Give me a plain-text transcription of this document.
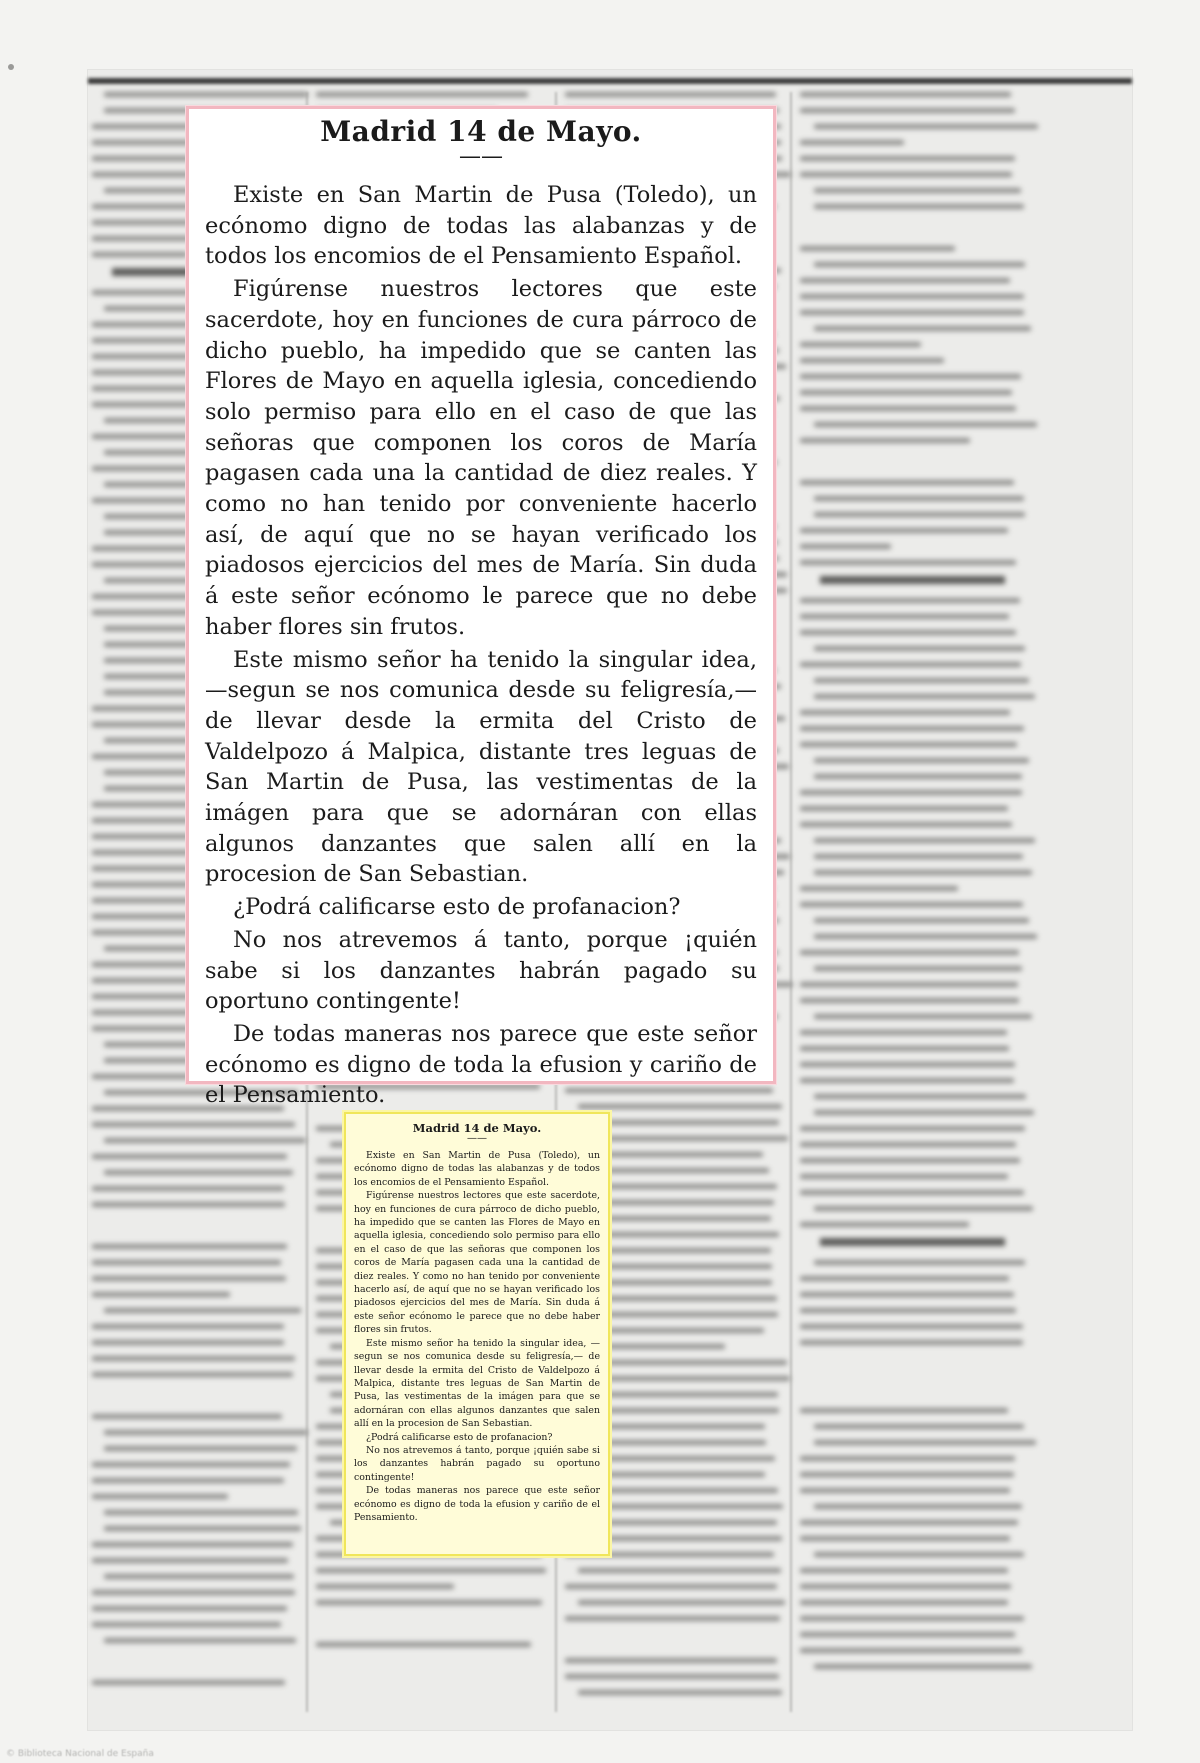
Madrid 14 de Mayo.
——

Existe en San Martin de Pusa (Toledo), un ecónomo digno de todas las alabanzas y de todos los encomios de el Pensamiento Español.

Figúrense nuestros lectores que este sacerdote, hoy en funciones de cura párroco de dicho pueblo, ha impedido que se canten las Flores de Mayo en aquella iglesia, concediendo solo permiso para ello en el caso de que las señoras que componen los coros de María pagasen cada una la cantidad de diez reales. Y como no han tenido por conveniente hacerlo así, de aquí que no se hayan verificado los piadosos ejercicios del mes de María. Sin duda á este señor ecónomo le parece que no debe haber flores sin frutos.

Este mismo señor ha tenido la singular idea, —segun se nos comunica desde su feligresía,— de llevar desde la ermita del Cristo de Valdelpozo á Malpica, distante tres leguas de San Martin de Pusa, las vestimentas de la imágen para que se adornáran con ellas algunos danzantes que salen allí en la procesion de San Sebastian.

¿Podrá calificarse esto de profanacion?

No nos atrevemos á tanto, porque ¡quién sabe si los danzantes habrán pagado su oportuno contingente!

De todas maneras nos parece que este señor ecónomo es digno de toda la efusion y cariño de el Pensamiento.

Madrid 14 de Mayo.
——

Existe en San Martin de Pusa (Toledo), un ecónomo digno de todas las alabanzas y de todos los encomios de el Pensamiento Español.

Figúrense nuestros lectores que este sacerdote, hoy en funciones de cura párroco de dicho pueblo, ha impedido que se canten las Flores de Mayo en aquella iglesia, concediendo solo permiso para ello en el caso de que las señoras que componen los coros de María pagasen cada una la cantidad de diez reales. Y como no han tenido por conveniente hacerlo así, de aquí que no se hayan verificado los piadosos ejercicios del mes de María. Sin duda á este señor ecónomo le parece que no debe haber flores sin frutos.

Este mismo señor ha tenido la singular idea, —segun se nos comunica desde su feligresía,— de llevar desde la ermita del Cristo de Valdelpozo á Malpica, distante tres leguas de San Martin de Pusa, las vestimentas de la imágen para que se adornáran con ellas algunos danzantes que salen allí en la procesion de San Sebastian.

¿Podrá calificarse esto de profanacion?

No nos atrevemos á tanto, porque ¡quién sabe si los danzantes habrán pagado su oportuno contingente!

De todas maneras nos parece que este señor ecónomo es digno de toda la efusion y cariño de el Pensamiento.

© Biblioteca Nacional de España
